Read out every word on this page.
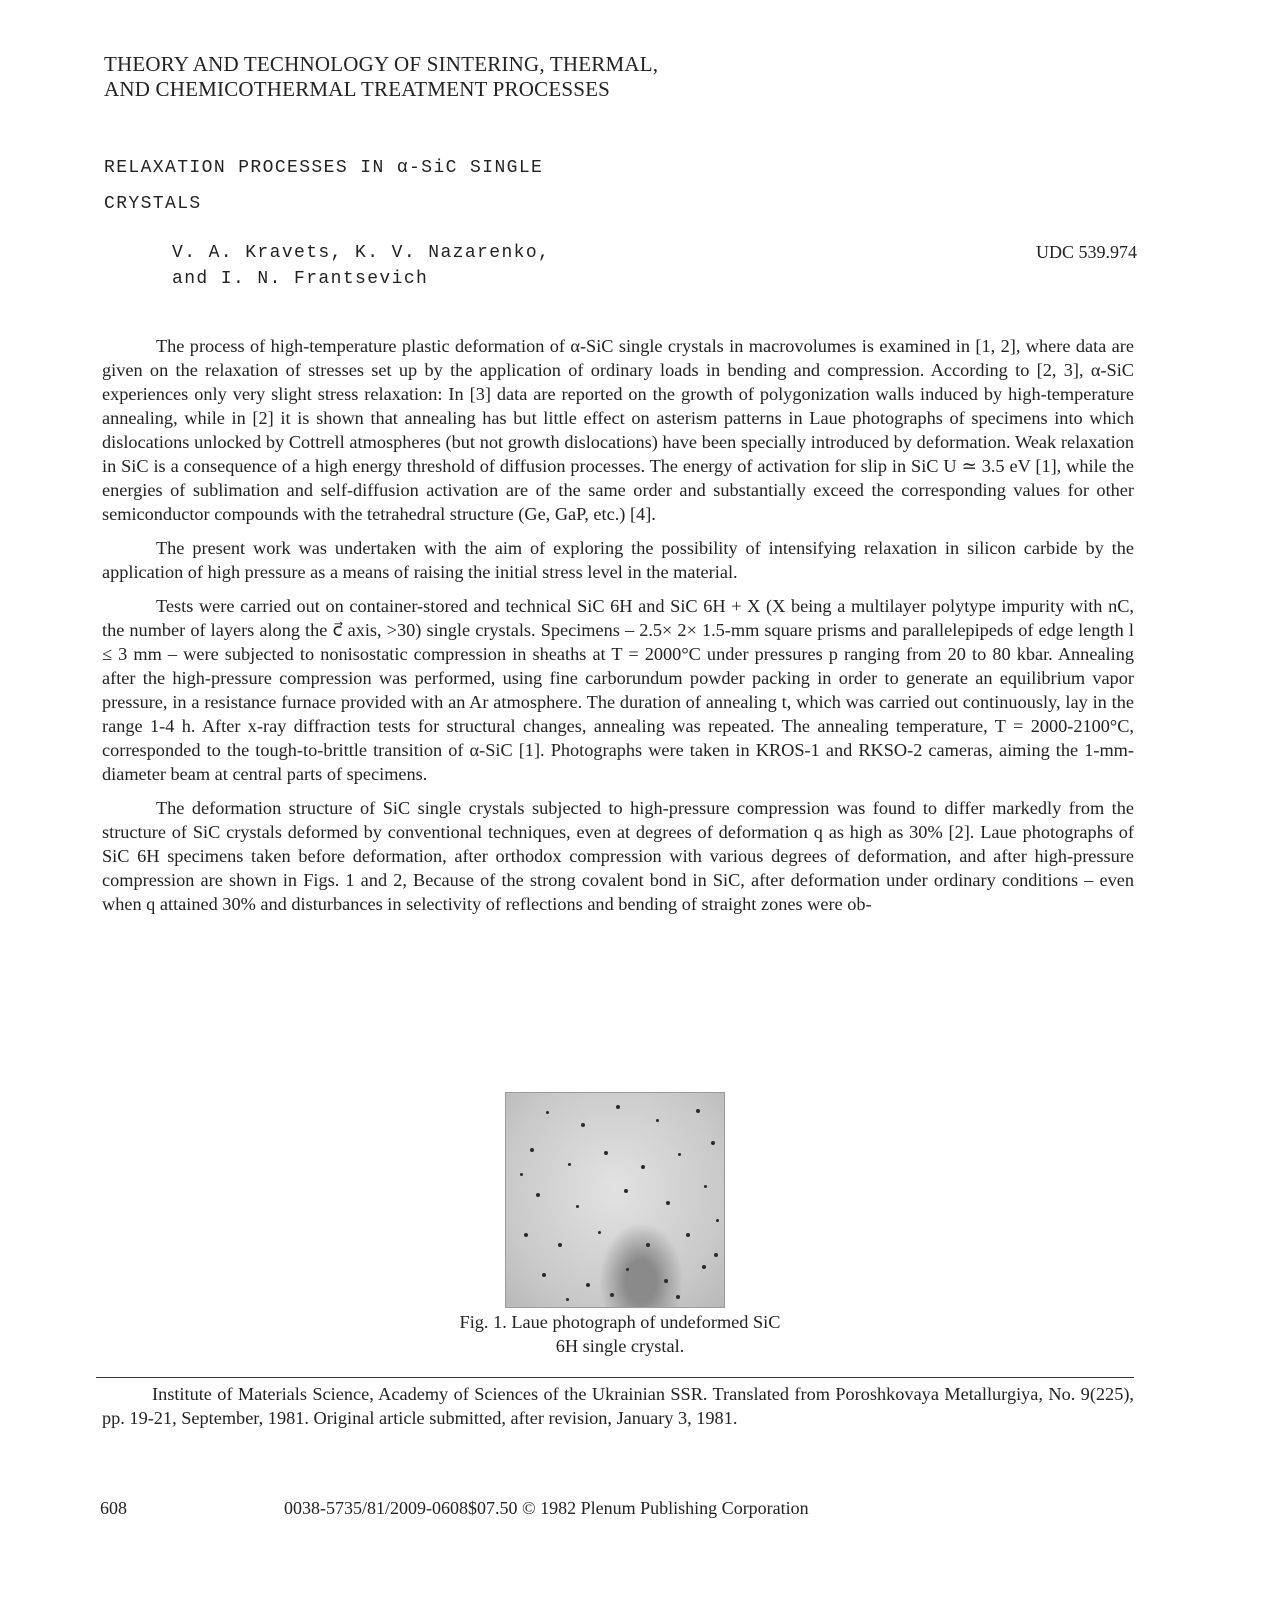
THEORY AND TECHNOLOGY OF SINTERING, THERMAL,
AND CHEMICOTHERMAL TREATMENT PROCESSES
RELAXATION PROCESSES IN α-SiC SINGLE
CRYSTALS
V. A. Kravets, K. V. Nazarenko,
and I. N. Frantsevich
UDC 539.974

The process of high-temperature plastic deformation of α-SiC single crystals in macrovolumes is examined in [1, 2], where data are given on the relaxation of stresses set up by the application of ordinary loads in bending and compression. According to [2, 3], α-SiC experiences only very slight stress relaxation: In [3] data are reported on the growth of polygonization walls induced by high-temperature annealing, while in [2] it is shown that annealing has but little effect on asterism patterns in Laue photographs of specimens into which dislocations unlocked by Cottrell atmospheres (but not growth dislocations) have been specially introduced by deformation. Weak relaxation in SiC is a consequence of a high energy threshold of diffusion processes. The energy of activation for slip in SiC U ≃ 3.5 eV [1], while the energies of sublimation and self-diffusion activation are of the same order and substantially exceed the corresponding values for other semiconductor compounds with the tetrahedral structure (Ge, GaP, etc.) [4].

The present work was undertaken with the aim of exploring the possibility of intensifying relaxation in silicon carbide by the application of high pressure as a means of raising the initial stress level in the material.

Tests were carried out on container-stored and technical SiC 6H and SiC 6H + X (X being a multilayer polytype impurity with nC, the number of layers along the c⃗ axis, >30) single crystals. Specimens – 2.5× 2× 1.5-mm square prisms and parallelepipeds of edge length l ≤ 3 mm – were subjected to nonisostatic compression in sheaths at T = 2000°C under pressures p ranging from 20 to 80 kbar. Annealing after the high-pressure compression was performed, using fine carborundum powder packing in order to generate an equilibrium vapor pressure, in a resistance furnace provided with an Ar atmosphere. The duration of annealing t, which was carried out continuously, lay in the range 1-4 h. After x-ray diffraction tests for structural changes, annealing was repeated. The annealing temperature, T = 2000-2100°C, corresponded to the tough-to-brittle transition of α-SiC [1]. Photographs were taken in KROS-1 and RKSO-2 cameras, aiming the 1-mm-diameter beam at central parts of specimens.

The deformation structure of SiC single crystals subjected to high-pressure compression was found to differ markedly from the structure of SiC crystals deformed by conventional techniques, even at degrees of deformation q as high as 30% [2]. Laue photographs of SiC 6H specimens taken before deformation, after orthodox compression with various degrees of deformation, and after high-pressure compression are shown in Figs. 1 and 2, Because of the strong covalent bond in SiC, after deformation under ordinary conditions – even when q attained 30% and disturbances in selectivity of reflections and bending of straight zones were ob-

Fig. 1. Laue photograph of undeformed SiC
6H single crystal.

Institute of Materials Science, Academy of Sciences of the Ukrainian SSR. Translated from Poroshkovaya Metallurgiya, No. 9(225), pp. 19-21, September, 1981. Original article submitted, after revision, January 3, 1981.

608	0038-5735/81/2009-0608$07.50 © 1982 Plenum Publishing Corporation
